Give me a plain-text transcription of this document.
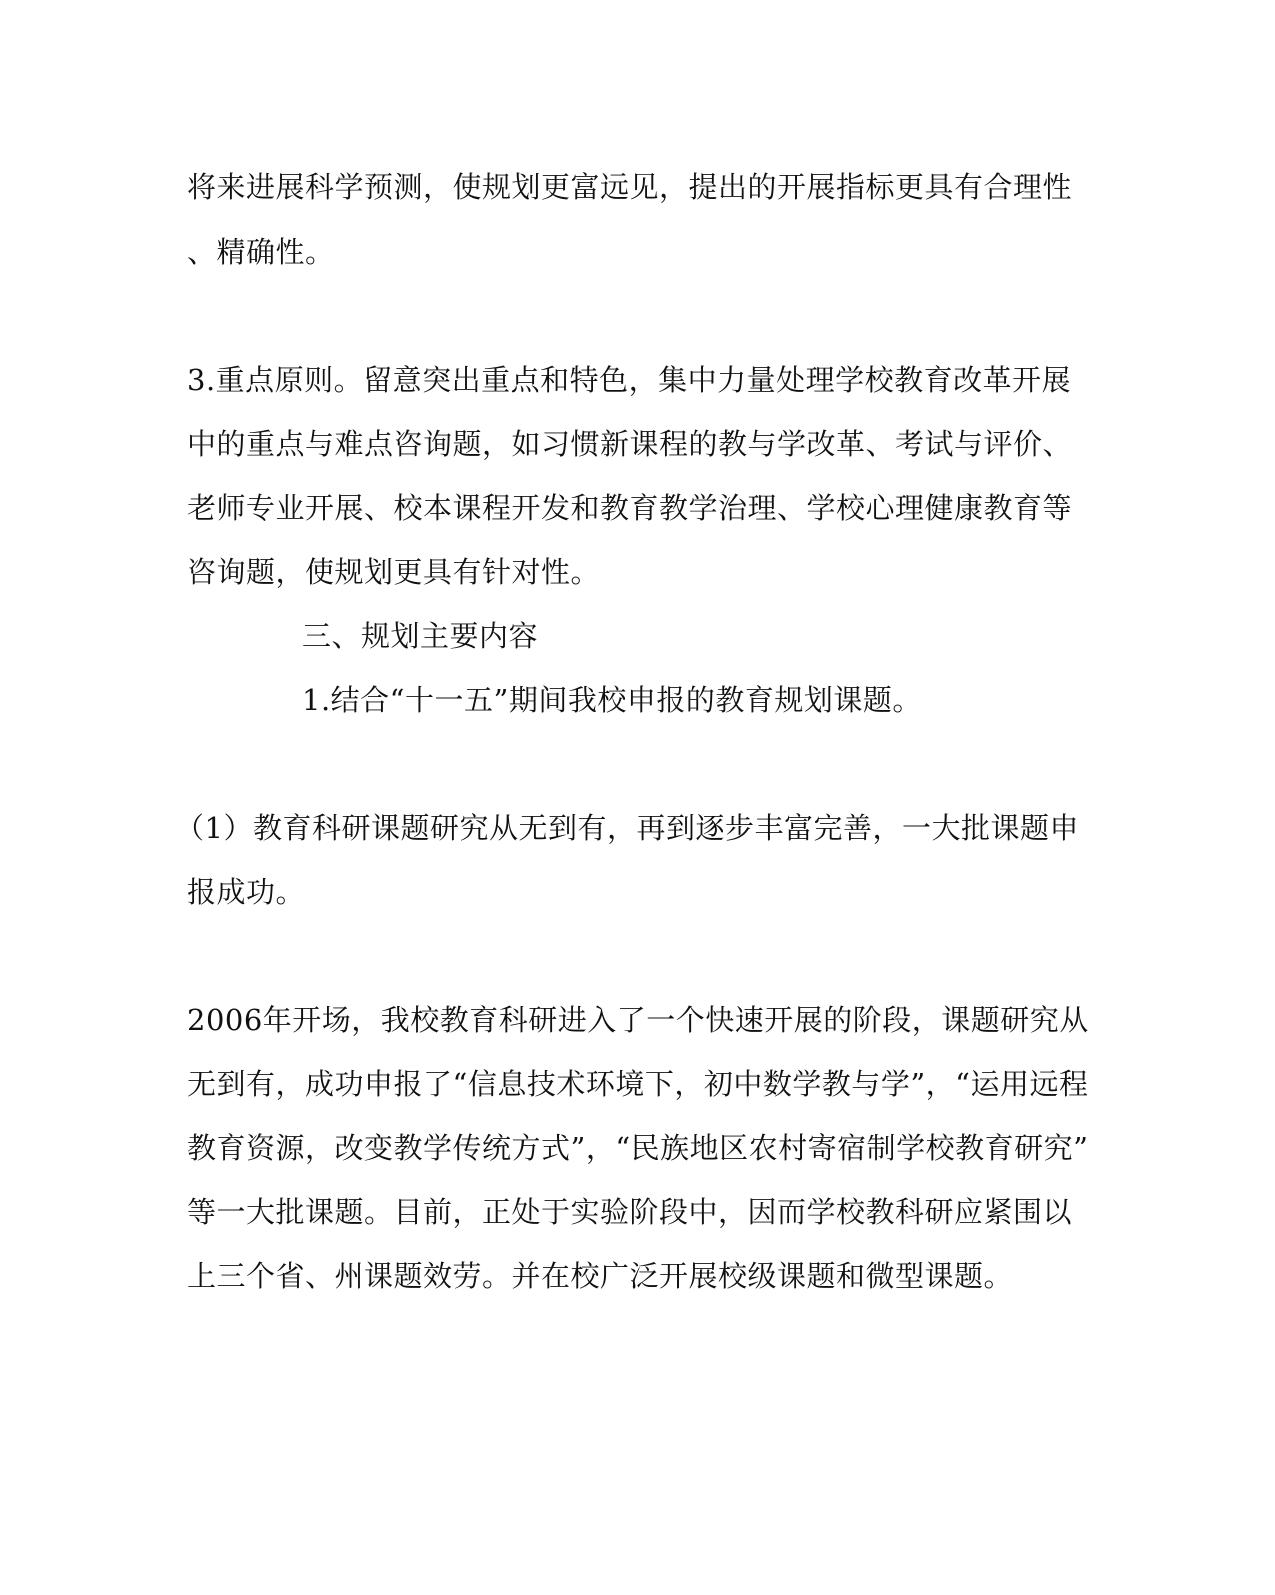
将来进展科学预测，使规划更富远见，提出的开展指标更具有合理性
、精确性。
3.重点原则。留意突出重点和特色，集中力量处理学校教育改革开展
中的重点与难点咨询题，如习惯新课程的教与学改革、考试与评价、
老师专业开展、校本课程开发和教育教学治理、学校心理健康教育等
咨询题，使规划更具有针对性。
三、规划主要内容
1.结合“十一五”期间我校申报的教育规划课题。
（1）教育科研课题研究从无到有，再到逐步丰富完善，一大批课题申
报成功。
2006年开场，我校教育科研进入了一个快速开展的阶段，课题研究从
无到有，成功申报了“信息技术环境下，初中数学教与学”，“运用远程
教育资源，改变教学传统方式”，“民族地区农村寄宿制学校教育研究”
等一大批课题。目前，正处于实验阶段中，因而学校教科研应紧围以
上三个省、州课题效劳。并在校广泛开展校级课题和微型课题。
